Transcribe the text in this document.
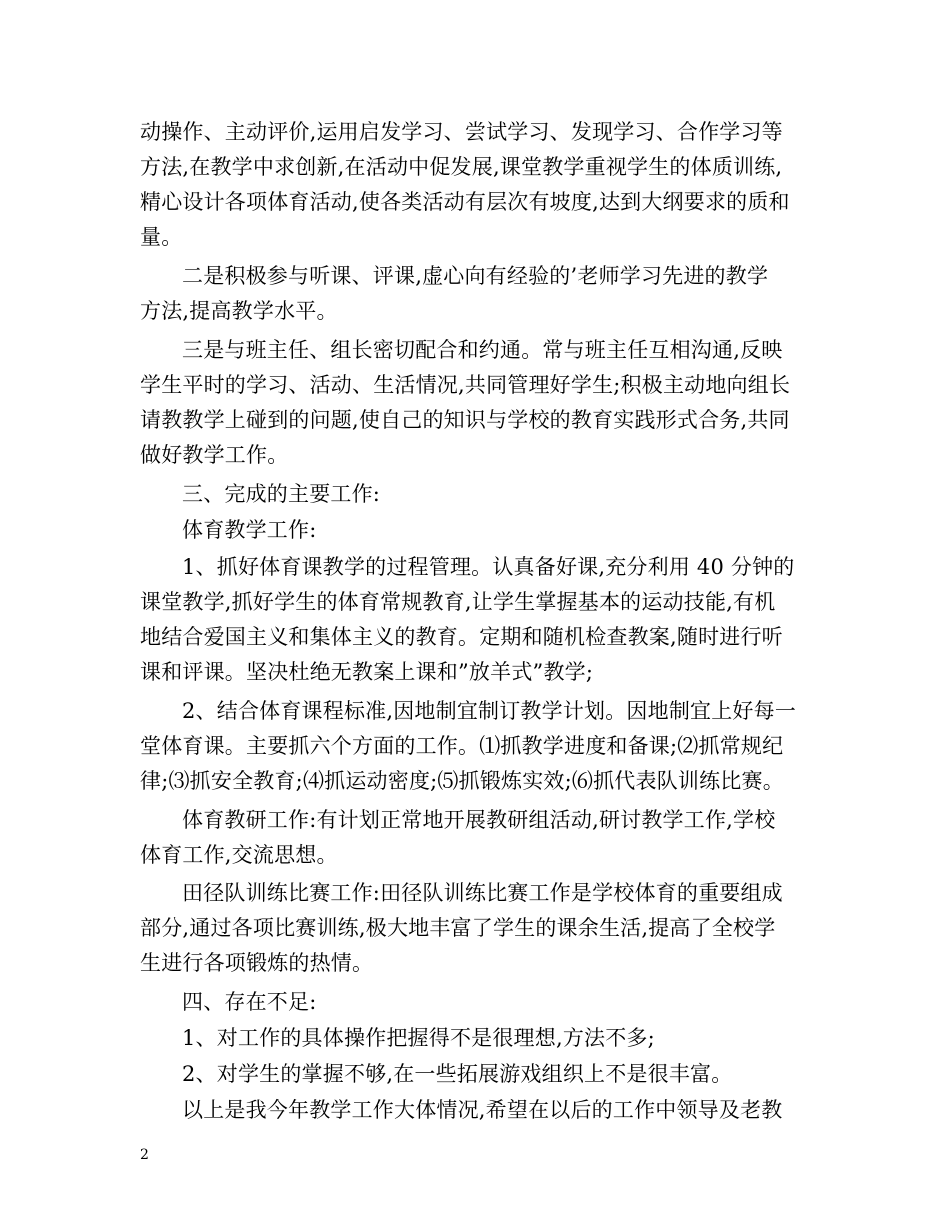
动操作、主动评价,运用启发学习、尝试学习、发现学习、合作学习等
方法,在教学中求创新,在活动中促发展,课堂教学重视学生的体质训练,
精心设计各项体育活动,使各类活动有层次有坡度,达到大纲要求的质和
量。
二是积极参与听课、评课,虚心向有经验的’老师学习先进的教学
方法,提高教学水平。
三是与班主任、组长密切配合和约通。常与班主任互相沟通,反映
学生平时的学习、活动、生活情况,共同管理好学生;积极主动地向组长
请教教学上碰到的问题,使自己的知识与学校的教育实践形式合务,共同
做好教学工作。
三、完成的主要工作:
体育教学工作:
1、抓好体育课教学的过程管理。认真备好课,充分利用 40 分钟的
课堂教学,抓好学生的体育常规教育,让学生掌握基本的运动技能,有机
地结合爱国主义和集体主义的教育。定期和随机检查教案,随时进行听
课和评课。坚决杜绝无教案上课和”放羊式”教学;
2、结合体育课程标准,因地制宜制订教学计划。因地制宜上好每一
堂体育课。主要抓六个方面的工作。⑴抓教学进度和备课;⑵抓常规纪
律;⑶抓安全教育;⑷抓运动密度;⑸抓锻炼实效;⑹抓代表队训练比赛。
体育教研工作:有计划正常地开展教研组活动,研讨教学工作,学校
体育工作,交流思想。
田径队训练比赛工作:田径队训练比赛工作是学校体育的重要组成
部分,通过各项比赛训练,极大地丰富了学生的课余生活,提高了全校学
生进行各项锻炼的热情。
四、存在不足:
1、对工作的具体操作把握得不是很理想,方法不多;
2、对学生的掌握不够,在一些拓展游戏组织上不是很丰富。
以上是我今年教学工作大体情况,希望在以后的工作中领导及老教
2
